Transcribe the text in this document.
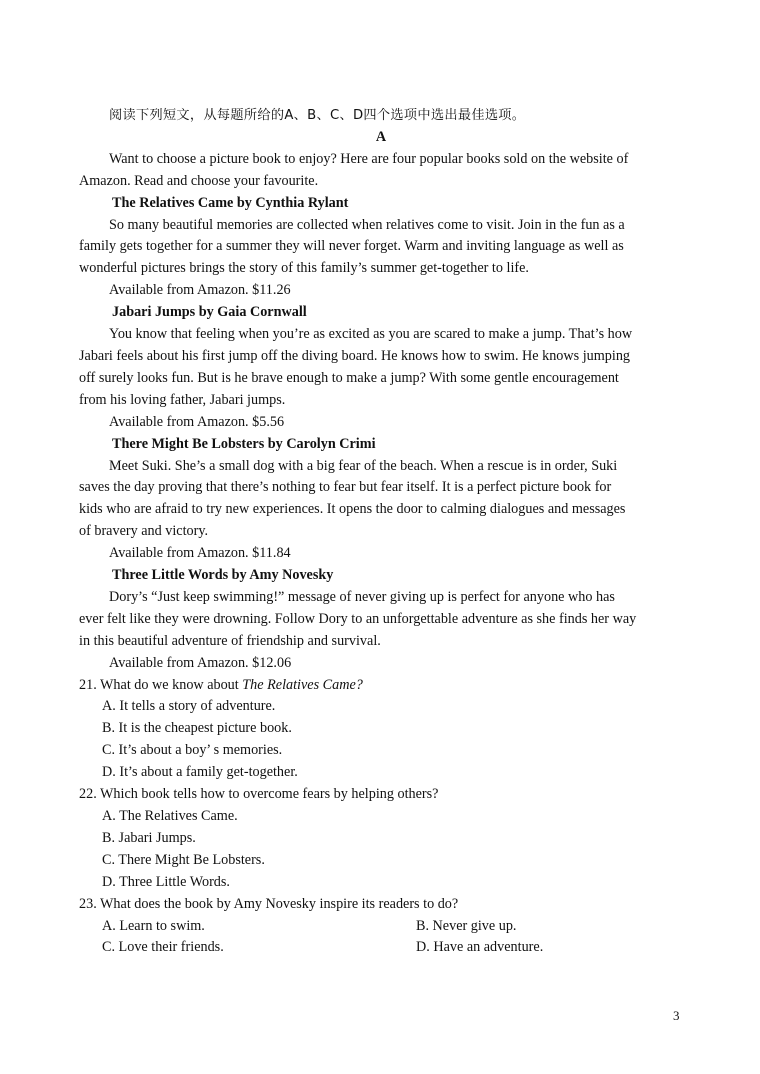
阅读下列短文，从每题所给的A、B、C、D四个选项中选出最佳选项。

A

Want to choose a picture book to enjoy? Here are four popular books sold on the website of

Amazon. Read and choose your favourite.

The Relatives Came by Cynthia Rylant

So many beautiful memories are collected when relatives come to visit. Join in the fun as a

family gets together for a summer they will never forget. Warm and inviting language as well as

wonderful pictures brings the story of this family’s summer get-together to life.

Available from Amazon. $11.26

Jabari Jumps by Gaia Cornwall

You know that feeling when you’re as excited as you are scared to make a jump. That’s how

Jabari feels about his first jump off the diving board. He knows how to swim. He knows jumping

off surely looks fun. But is he brave enough to make a jump? With some gentle encouragement

from his loving father, Jabari jumps.

Available from Amazon. $5.56

There Might Be Lobsters by Carolyn Crimi

Meet Suki. She’s a small dog with a big fear of the beach. When a rescue is in order, Suki

saves the day proving that there’s nothing to fear but fear itself. It is a perfect picture book for

kids who are afraid to try new experiences. It opens the door to calming dialogues and messages

of bravery and victory.

Available from Amazon. $11.84

Three Little Words by Amy Novesky

Dory’s “Just keep swimming!” message of never giving up is perfect for anyone who has

ever felt like they were drowning. Follow Dory to an unforgettable adventure as she finds her way

in this beautiful adventure of friendship and survival.

Available from Amazon. $12.06

21. What do we know about The Relatives Came?

A. It tells a story of adventure.

B. It is the cheapest picture book.

C. It’s about a boy’ s memories.

D. It’s about a family get-together.

22. Which book tells how to overcome fears by helping others?

A. The Relatives Came.

B. Jabari Jumps.

C. There Might Be Lobsters.

D. Three Little Words.

23. What does the book by Amy Novesky inspire its readers to do?

A. Learn to swim.	B. Never give up.
C. Love their friends.	D. Have an adventure.
3
